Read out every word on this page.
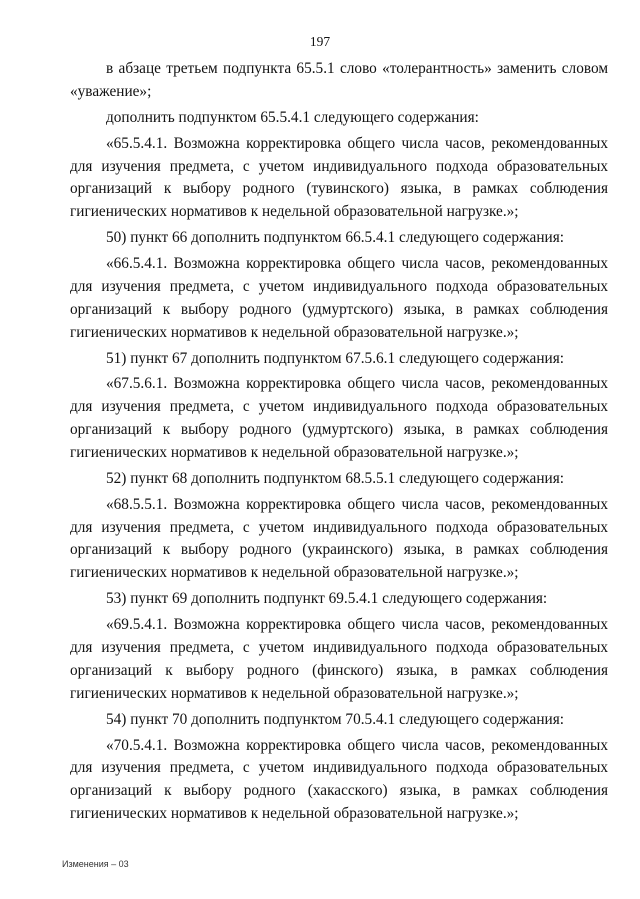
197

в абзаце третьем подпункта 65.5.1 слово «толерантность» заменить словом «уважение»;

дополнить подпунктом 65.5.4.1 следующего содержания:

«65.5.4.1. Возможна корректировка общего числа часов, рекомендованных для изучения предмета, с учетом индивидуального подхода образовательных организаций к выбору родного (тувинского) языка, в рамках соблюдения гигиенических нормативов к недельной образовательной нагрузке.»;

50) пункт 66 дополнить подпунктом 66.5.4.1 следующего содержания:

«66.5.4.1. Возможна корректировка общего числа часов, рекомендованных для изучения предмета, с учетом индивидуального подхода образовательных организаций к выбору родного (удмуртского) языка, в рамках соблюдения гигиенических нормативов к недельной образовательной нагрузке.»;

51) пункт 67 дополнить подпунктом 67.5.6.1 следующего содержания:

«67.5.6.1. Возможна корректировка общего числа часов, рекомендованных для изучения предмета, с учетом индивидуального подхода образовательных организаций к выбору родного (удмуртского) языка, в рамках соблюдения гигиенических нормативов к недельной образовательной нагрузке.»;

52) пункт 68 дополнить подпунктом 68.5.5.1 следующего содержания:

«68.5.5.1. Возможна корректировка общего числа часов, рекомендованных для изучения предмета, с учетом индивидуального подхода образовательных организаций к выбору родного (украинского) языка, в рамках соблюдения гигиенических нормативов к недельной образовательной нагрузке.»;

53) пункт 69 дополнить подпункт 69.5.4.1 следующего содержания:

«69.5.4.1. Возможна корректировка общего числа часов, рекомендованных для изучения предмета, с учетом индивидуального подхода образовательных организаций к выбору родного (финского) языка, в рамках соблюдения гигиенических нормативов к недельной образовательной нагрузке.»;

54) пункт 70 дополнить подпунктом 70.5.4.1 следующего содержания:

«70.5.4.1. Возможна корректировка общего числа часов, рекомендованных для изучения предмета, с учетом индивидуального подхода образовательных организаций к выбору родного (хакасского) языка, в рамках соблюдения гигиенических нормативов к недельной образовательной нагрузке.»;

Изменения – 03
